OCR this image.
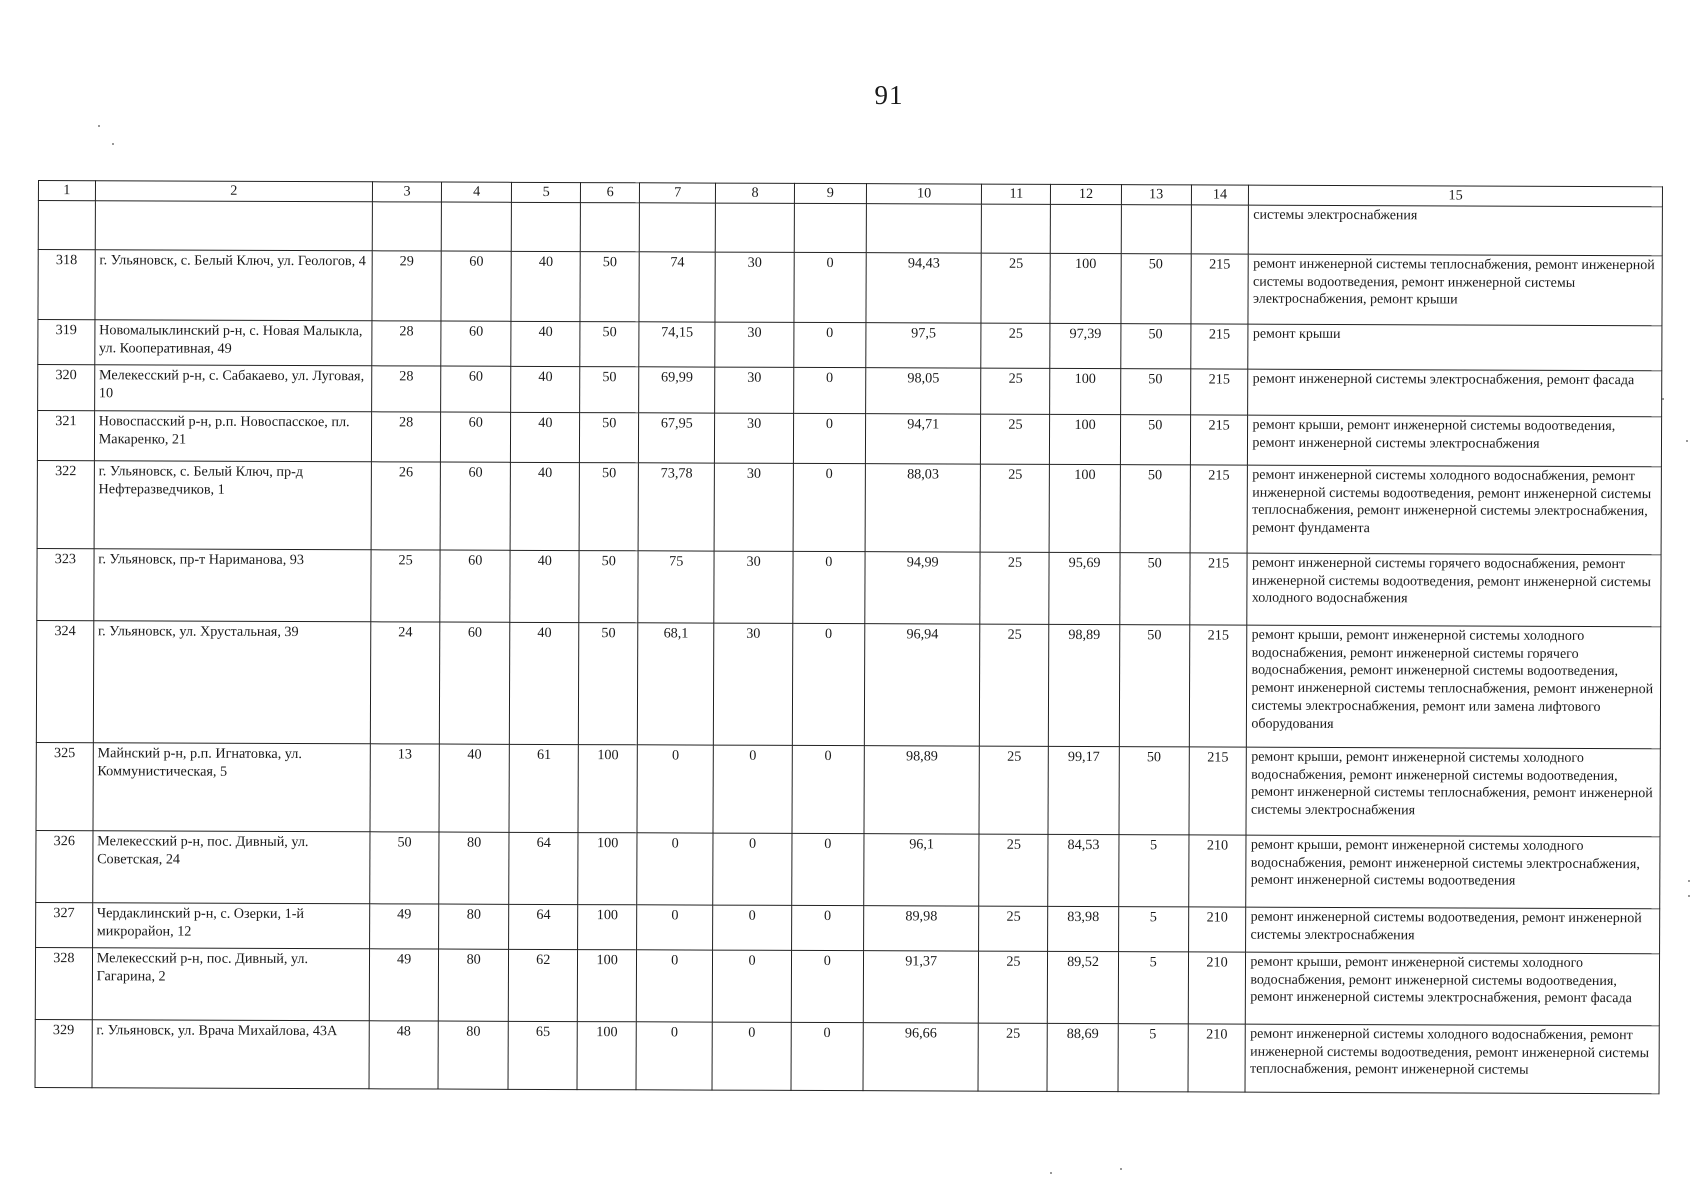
91
1	2	3	4	5	6	7	8	9	10	11	12	13	14	15
														системы электроснабжения
318	г. Ульяновск, с. Белый Ключ, ул. Геологов, 4	29	60	40	50	74	30	0	94,43	25	100	50	215	ремонт инженерной системы теплоснабжения, ремонт инженерной системы водоотведения, ремонт инженерной системы электроснабжения, ремонт крыши
319	Новомалыклинский р-н, с. Новая Малыкла, ул. Кооперативная, 49	28	60	40	50	74,15	30	0	97,5	25	97,39	50	215	ремонт крыши
320	Мелекесский р-н, с. Сабакаево, ул. Луговая, 10	28	60	40	50	69,99	30	0	98,05	25	100	50	215	ремонт инженерной системы электроснабжения, ремонт фасада
321	Новоспасский р-н, р.п. Новоспасское, пл. Макаренко, 21	28	60	40	50	67,95	30	0	94,71	25	100	50	215	ремонт крыши, ремонт инженерной системы водоотведения, ремонт инженерной системы электроснабжения
322	г. Ульяновск, с. Белый Ключ, пр-д Нефтеразведчиков, 1	26	60	40	50	73,78	30	0	88,03	25	100	50	215	ремонт инженерной системы холодного водоснабжения, ремонт инженерной системы водоотведения, ремонт инженерной системы теплоснабжения, ремонт инженерной системы электроснабжения, ремонт фундамента
323	г. Ульяновск, пр-т Нариманова, 93	25	60	40	50	75	30	0	94,99	25	95,69	50	215	ремонт инженерной системы горячего водоснабжения, ремонт инженерной системы водоотведения, ремонт инженерной системы холодного водоснабжения
324	г. Ульяновск, ул. Хрустальная, 39	24	60	40	50	68,1	30	0	96,94	25	98,89	50	215	ремонт крыши, ремонт инженерной системы холодного водоснабжения, ремонт инженерной системы горячего водоснабжения, ремонт инженерной системы водоотведения, ремонт инженерной системы теплоснабжения, ремонт инженерной системы электроснабжения, ремонт или замена лифтового оборудования
325	Майнский р-н, р.п. Игнатовка, ул. Коммунистическая, 5	13	40	61	100	0	0	0	98,89	25	99,17	50	215	ремонт крыши, ремонт инженерной системы холодного водоснабжения, ремонт инженерной системы водоотведения, ремонт инженерной системы теплоснабжения, ремонт инженерной системы электроснабжения
326	Мелекесский р-н, пос. Дивный, ул. Советская, 24	50	80	64	100	0	0	0	96,1	25	84,53	5	210	ремонт крыши, ремонт инженерной системы холодного водоснабжения, ремонт инженерной системы электроснабжения, ремонт инженерной системы водоотведения
327	Чердаклинский р-н, с. Озерки, 1-й микрорайон, 12	49	80	64	100	0	0	0	89,98	25	83,98	5	210	ремонт инженерной системы водоотведения, ремонт инженерной системы электроснабжения
328	Мелекесский р-н, пос. Дивный, ул. Гагарина, 2	49	80	62	100	0	0	0	91,37	25	89,52	5	210	ремонт крыши, ремонт инженерной системы холодного водоснабжения, ремонт инженерной системы водоотведения, ремонт инженерной системы электроснабжения, ремонт фасада
329	г. Ульяновск, ул. Врача Михайлова, 43А	48	80	65	100	0	0	0	96,66	25	88,69	5	210	ремонт инженерной системы холодного водоснабжения, ремонт инженерной системы водоотведения, ремонт инженерной системы теплоснабжения, ремонт инженерной системы
